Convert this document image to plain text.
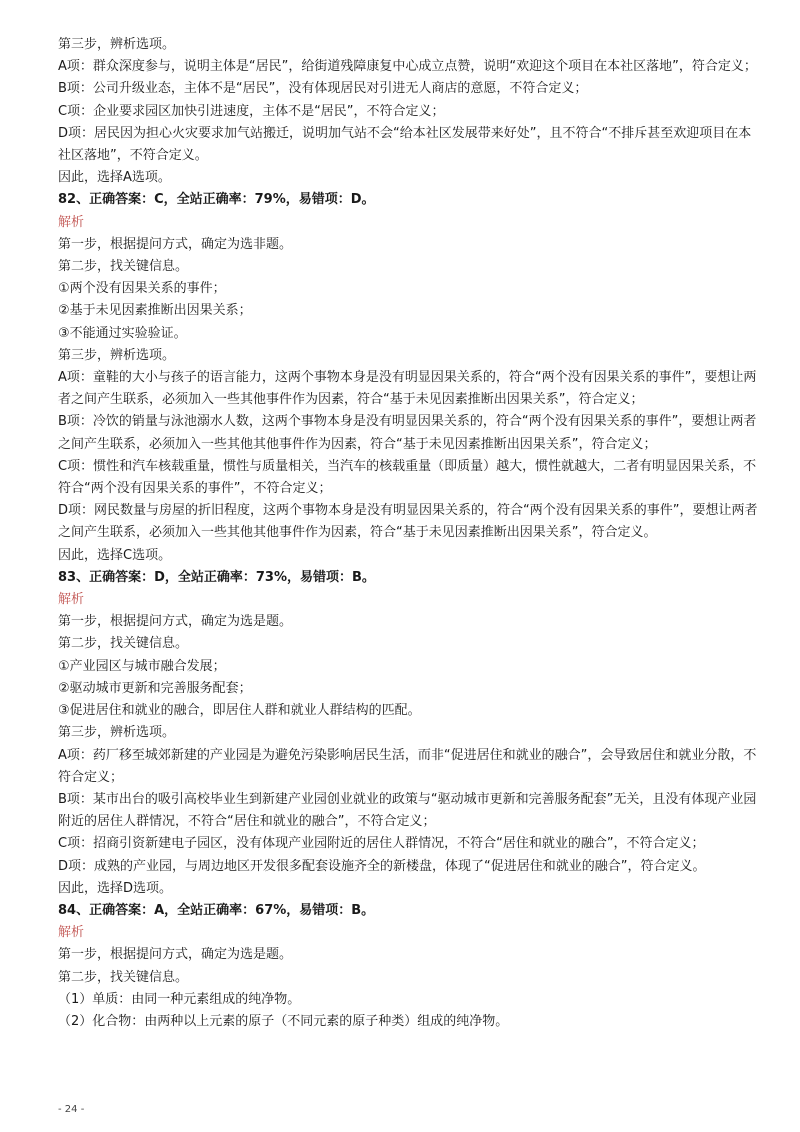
第三步，辨析选项。
A项：群众深度参与，说明主体是“居民”，给街道残障康复中心成立点赞，说明“欢迎这个项目在本社区落地”，符合定义；
B项：公司升级业态，主体不是“居民”，没有体现居民对引进无人商店的意愿，不符合定义；
C项：企业要求园区加快引进速度，主体不是“居民”，不符合定义；
D项：居民因为担心火灾要求加气站搬迁，说明加气站不会“给本社区发展带来好处”，且不符合“不排斥甚至欢迎项目在本社区落地”，不符合定义。
因此，选择A选项。
82、正确答案：C，全站正确率：79%，易错项：D。
解析
第一步，根据提问方式，确定为选非题。
第二步，找关键信息。
①两个没有因果关系的事件；
②基于未见因素推断出因果关系；
③不能通过实验验证。
第三步，辨析选项。
A项：童鞋的大小与孩子的语言能力，这两个事物本身是没有明显因果关系的，符合“两个没有因果关系的事件”，要想让两者之间产生联系，必须加入一些其他事件作为因素，符合“基于未见因素推断出因果关系”，符合定义；
B项：冷饮的销量与泳池溺水人数，这两个事物本身是没有明显因果关系的，符合“两个没有因果关系的事件”，要想让两者之间产生联系，必须加入一些其他其他事件作为因素，符合“基于未见因素推断出因果关系”，符合定义；
C项：惯性和汽车核载重量，惯性与质量相关，当汽车的核载重量（即质量）越大，惯性就越大，二者有明显因果关系，不符合“两个没有因果关系的事件”，不符合定义；
D项：网民数量与房屋的折旧程度，这两个事物本身是没有明显因果关系的，符合“两个没有因果关系的事件”，要想让两者之间产生联系，必须加入一些其他其他事件作为因素，符合“基于未见因素推断出因果关系”，符合定义。
因此，选择C选项。
83、正确答案：D，全站正确率：73%，易错项：B。
解析
第一步，根据提问方式，确定为选是题。
第二步，找关键信息。
①产业园区与城市融合发展；
②驱动城市更新和完善服务配套；
③促进居住和就业的融合，即居住人群和就业人群结构的匹配。
第三步，辨析选项。
A项：药厂移至城郊新建的产业园是为避免污染影响居民生活，而非“促进居住和就业的融合”，会导致居住和就业分散，不符合定义；
B项：某市出台的吸引高校毕业生到新建产业园创业就业的政策与“驱动城市更新和完善服务配套”无关，且没有体现产业园附近的居住人群情况，不符合“居住和就业的融合”，不符合定义；
C项：招商引资新建电子园区，没有体现产业园附近的居住人群情况，不符合“居住和就业的融合”，不符合定义；
D项：成熟的产业园，与周边地区开发很多配套设施齐全的新楼盘，体现了“促进居住和就业的融合”，符合定义。
因此，选择D选项。
84、正确答案：A，全站正确率：67%，易错项：B。
解析
第一步，根据提问方式，确定为选是题。
第二步，找关键信息。
（1）单质：由同一种元素组成的纯净物。
（2）化合物：由两种以上元素的原子（不同元素的原子种类）组成的纯净物。
- 24 -
